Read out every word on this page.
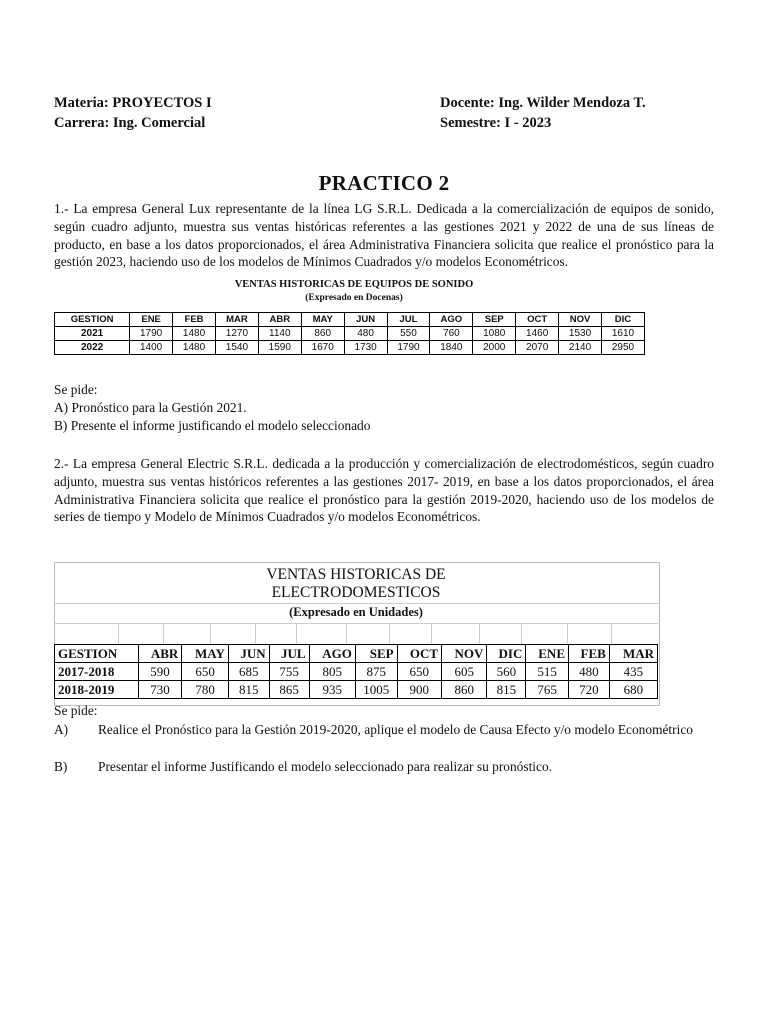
Materia: PROYECTOS I
Carrera: Ing. Comercial
Docente: Ing. Wilder Mendoza T.
Semestre: I - 2023
PRACTICO 2
1.- La empresa General Lux representante de la línea LG S.R.L. Dedicada a la comercialización de equipos de sonido, según cuadro adjunto, muestra sus ventas históricas referentes a las gestiones 2021 y 2022 de una de sus líneas de producto, en base a los datos proporcionados, el área Administrativa Financiera solicita que realice el pronóstico para la gestión 2023, haciendo uso de los modelos de Mínimos Cuadrados y/o modelos Econométricos.
VENTAS HISTORICAS DE EQUIPOS DE SONIDO
(Expresado en Docenas)
GESTION	ENE	FEB	MAR	ABR	MAY	JUN	JUL	AGO	SEP	OCT	NOV	DIC
2021	1790	1480	1270	1140	860	480	550	760	1080	1460	1530	1610
2022	1400	1480	1540	1590	1670	1730	1790	1840	2000	2070	2140	2950
Se pide:
A) Pronóstico para la Gestión 2021.
B) Presente el informe justificando el modelo seleccionado
2.- La empresa General Electric S.R.L. dedicada a la producción y comercialización de electrodomésticos, según cuadro adjunto, muestra sus ventas históricos referentes a las gestiones 2017- 2019, en base a los datos proporcionados, el área Administrativa Financiera solicita que realice el pronóstico para la gestión 2019-2020, haciendo uso de los modelos de series de tiempo y Modelo de Mínimos Cuadrados y/o modelos Econométricos.
VENTAS HISTORICAS DE
ELECTRODOMESTICOS
(Expresado en Unidades)
GESTION	ABR	MAY	JUN	JUL	AGO	SEP	OCT	NOV	DIC	ENE	FEB	MAR
2017-2018	590	650	685	755	805	875	650	605	560	515	480	435
2018-2019	730	780	815	865	935	1005	900	860	815	765	720	680
Se pide:
A) Realice el Pronóstico para la Gestión 2019-2020, aplique el modelo de Causa Efecto y/o modelo Econométrico
B) Presentar el informe Justificando el modelo seleccionado para realizar su pronóstico.
